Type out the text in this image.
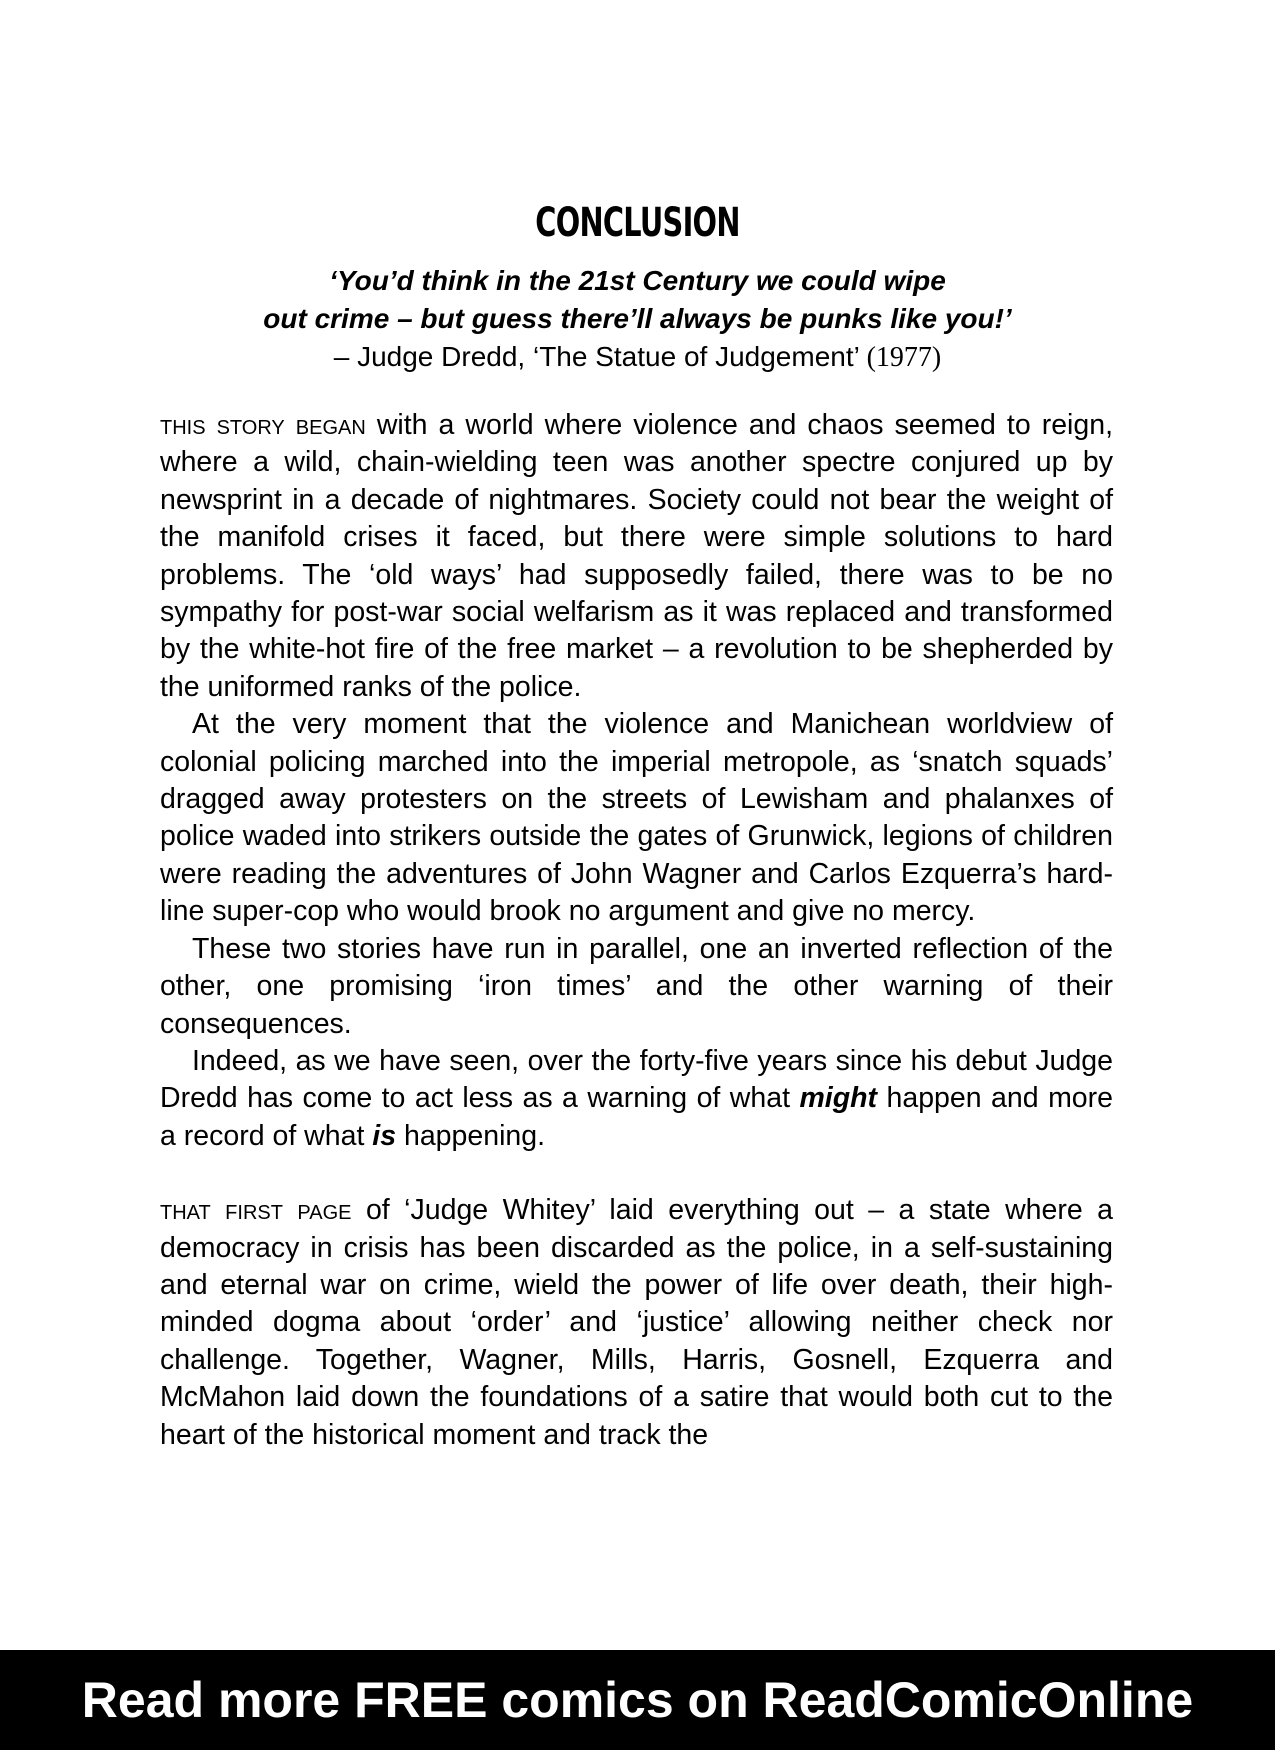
CONCLUSION
‘You’d think in the 21st Century we could wipe
out crime – but guess there’ll always be punks like you!’
– Judge Dredd, ‘The Statue of Judgement’ (1977)

this story began with a world where violence and chaos seemed to reign, where a wild, chain-wielding teen was another spectre conjured up by newsprint in a decade of nightmares. Society could not bear the weight of the manifold crises it faced, but there were simple solutions to hard problems. The ‘old ways’ had supposedly failed, there was to be no sympathy for post-war social welfarism as it was replaced and transformed by the white-hot fire of the free market – a revolution to be shepherded by the uniformed ranks of the police.

At the very moment that the violence and Manichean worldview of colonial policing marched into the imperial metropole, as ‘snatch squads’ dragged away protesters on the streets of Lewisham and phalanxes of police waded into strikers outside the gates of Grunwick, legions of children were reading the adventures of John Wagner and Carlos Ezquerra’s hard-line super-cop who would brook no argument and give no mercy.

These two stories have run in parallel, one an inverted reflection of the other, one promising ‘iron times’ and the other warning of their consequences.

Indeed, as we have seen, over the forty-five years since his debut Judge Dredd has come to act less as a warning of what might happen and more a record of what is happening.

that first page of ‘Judge Whitey’ laid everything out – a state where a democracy in crisis has been discarded as the police, in a self-sustaining and eternal war on crime, wield the power of life over death, their high-minded dogma about ‘order’ and ‘justice’ allowing neither check nor challenge. Together, Wagner, Mills, Harris, Gosnell, Ezquerra and McMahon laid down the foundations of a satire that would both cut to the heart of the historical moment and track the

Read more FREE comics on ReadComicOnline
